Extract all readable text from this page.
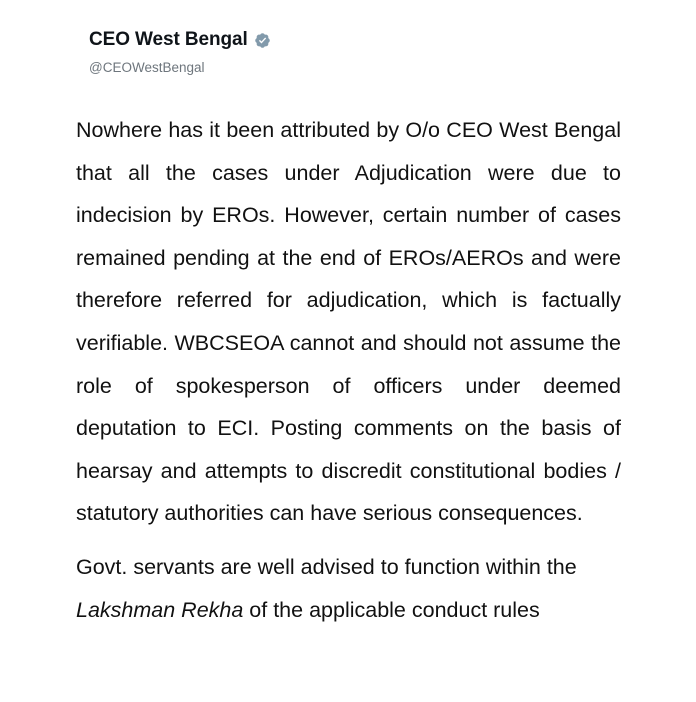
CEO West Bengal
@CEOWestBengal

Nowhere has it been attributed by O/o CEO West Bengal that all the cases under Adjudication were due to indecision by EROs. However, certain number of cases remained pending at the end of EROs/AEROs and were therefore referred for adjudication, which is factually verifiable. WBCSEOA cannot and should not assume the role of spokesperson of officers under deemed deputation to ECI. Posting comments on the basis of hearsay and attempts to discredit constitutional bodies / statutory authorities can have serious consequences.

Govt. servants are well advised to function within the Lakshman Rekha of the applicable conduct rules
